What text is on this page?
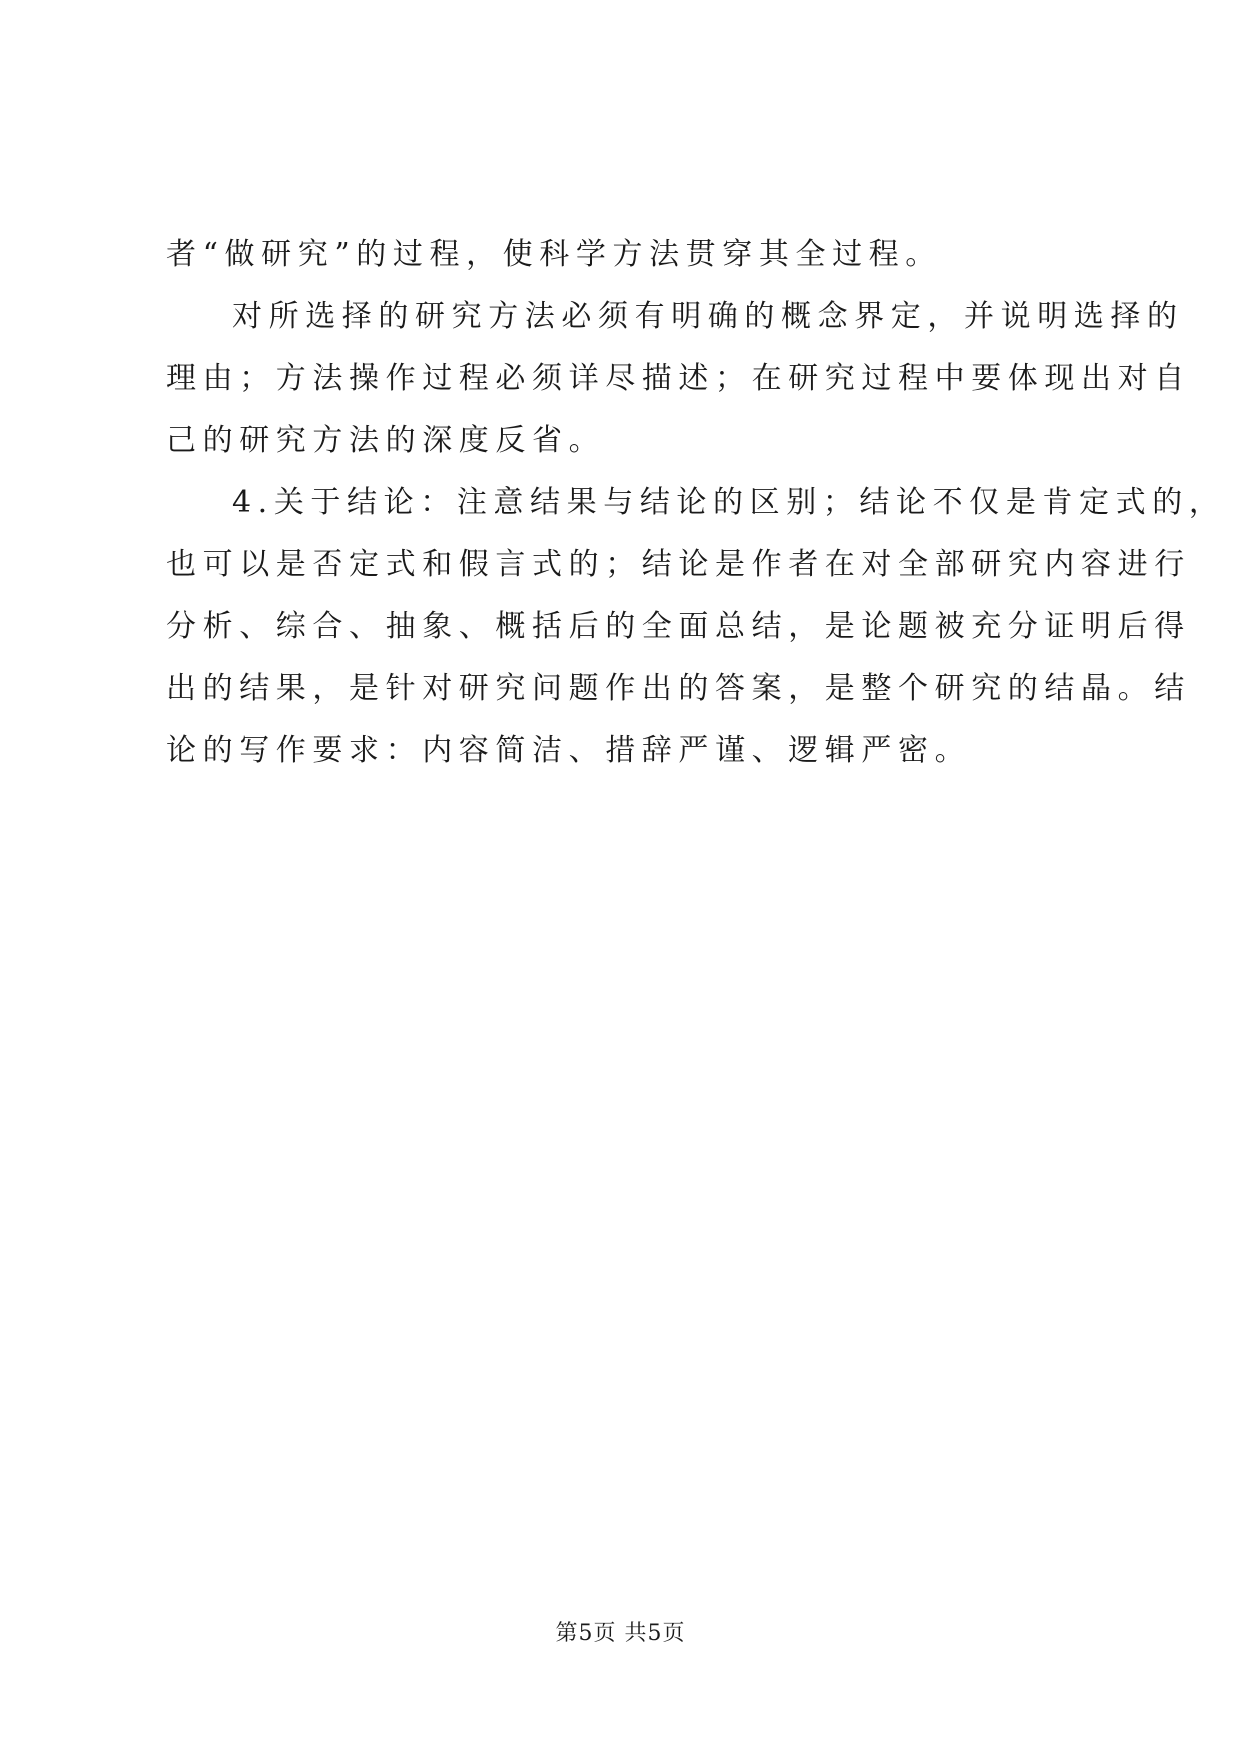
者“做研究”的过程，使科学方法贯穿其全过程。
对所选择的研究方法必须有明确的概念界定，并说明选择的
理由；方法操作过程必须详尽描述；在研究过程中要体现出对自
己的研究方法的深度反省。
4.关于结论：注意结果与结论的区别；结论不仅是肯定式的，
也可以是否定式和假言式的；结论是作者在对全部研究内容进行
分析、综合、抽象、概括后的全面总结，是论题被充分证明后得
出的结果，是针对研究问题作出的答案，是整个研究的结晶。结
论的写作要求：内容简洁、措辞严谨、逻辑严密。
第5页 共5页
